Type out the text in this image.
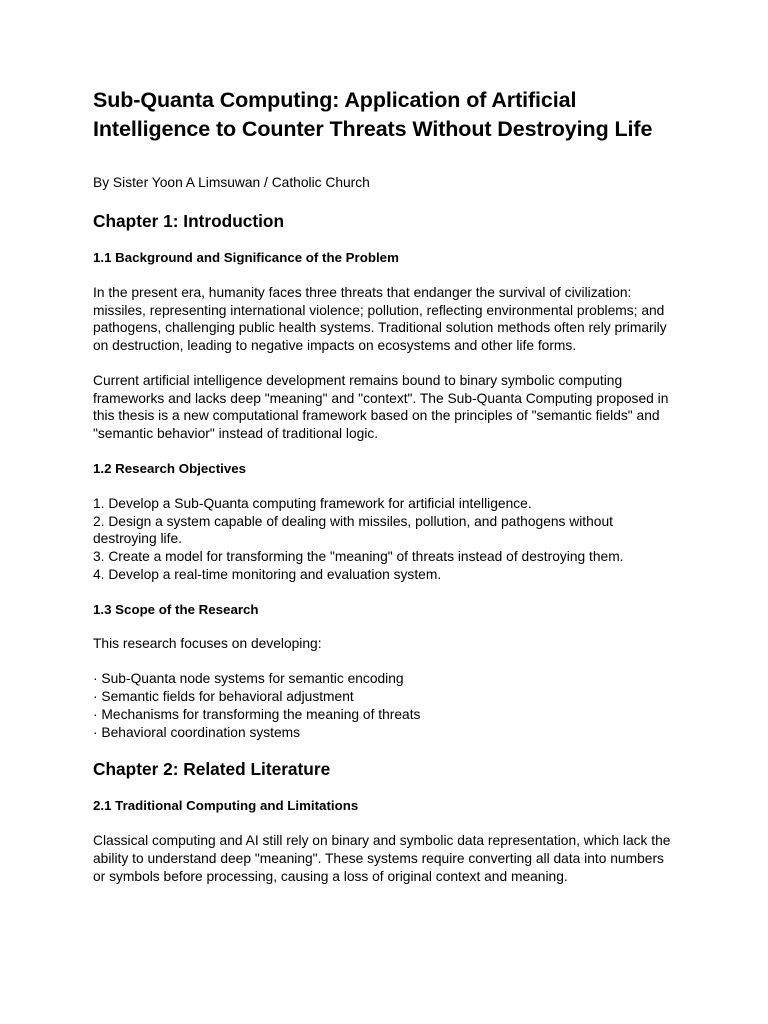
Sub-Quanta Computing: Application of Artificial Intelligence to Counter Threats Without Destroying Life

By Sister Yoon A Limsuwan / Catholic Church

Chapter 1: Introduction
1.1 Background and Significance of the Problem

In the present era, humanity faces three threats that endanger the survival of civilization: missiles, representing international violence; pollution, reflecting environmental problems; and pathogens, challenging public health systems. Traditional solution methods often rely primarily on destruction, leading to negative impacts on ecosystems and other life forms.

Current artificial intelligence development remains bound to binary symbolic computing frameworks and lacks deep "meaning" and "context". The Sub-Quanta Computing proposed in this thesis is a new computational framework based on the principles of "semantic fields" and "semantic behavior" instead of traditional logic.

1.2 Research Objectives
1. Develop a Sub-Quanta computing framework for artificial intelligence.
2. Design a system capable of dealing with missiles, pollution, and pathogens without destroying life.
3. Create a model for transforming the "meaning" of threats instead of destroying them.
4. Develop a real-time monitoring and evaluation system.
1.3 Scope of the Research

This research focuses on developing:

· Sub-Quanta node systems for semantic encoding
· Semantic fields for behavioral adjustment
· Mechanisms for transforming the meaning of threats
· Behavioral coordination systems
Chapter 2: Related Literature
2.1 Traditional Computing and Limitations

Classical computing and AI still rely on binary and symbolic data representation, which lack the ability to understand deep "meaning". These systems require converting all data into numbers or symbols before processing, causing a loss of original context and meaning.
